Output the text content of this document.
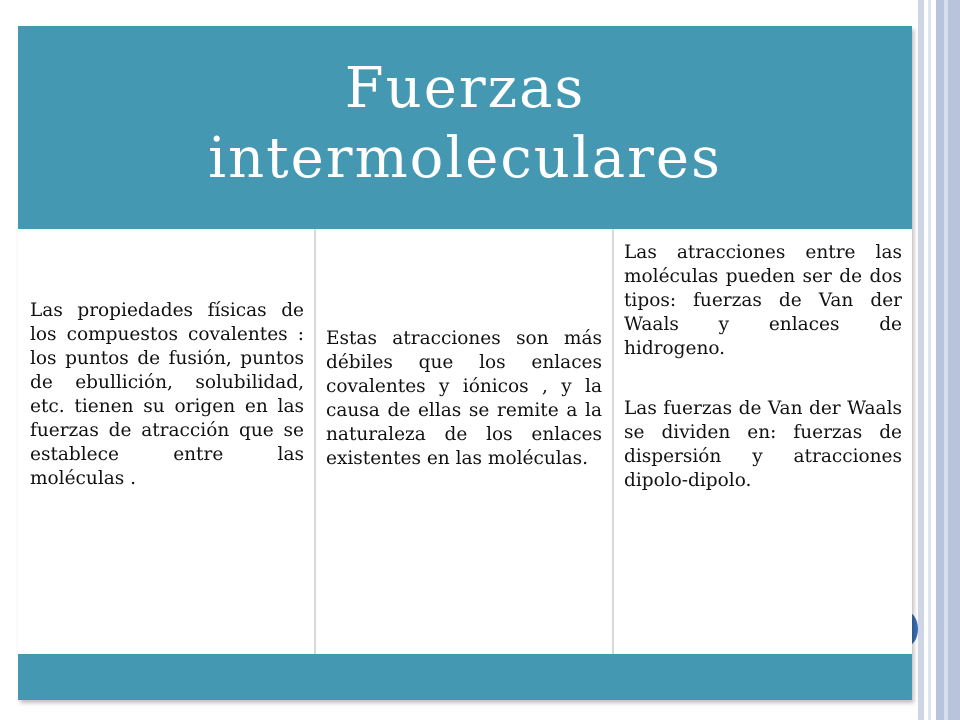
Fuerzas
intermoleculares

Las propiedades físicas de los compuestos covalentes : los puntos de fusión, puntos de ebullición, solubilidad, etc. tienen su origen en las fuerzas de atracción que se establece entre las moléculas .

Estas atracciones son más débiles que los enlaces covalentes y iónicos , y la causa de ellas se remite a la naturaleza de los enlaces existentes en las moléculas.

Las atracciones entre las moléculas pueden ser de dos tipos: fuerzas de Van der Waals y enlaces de hidrogeno.

Las fuerzas de Van der Waals se dividen en: fuerzas de dispersión y atracciones dipolo-dipolo.
